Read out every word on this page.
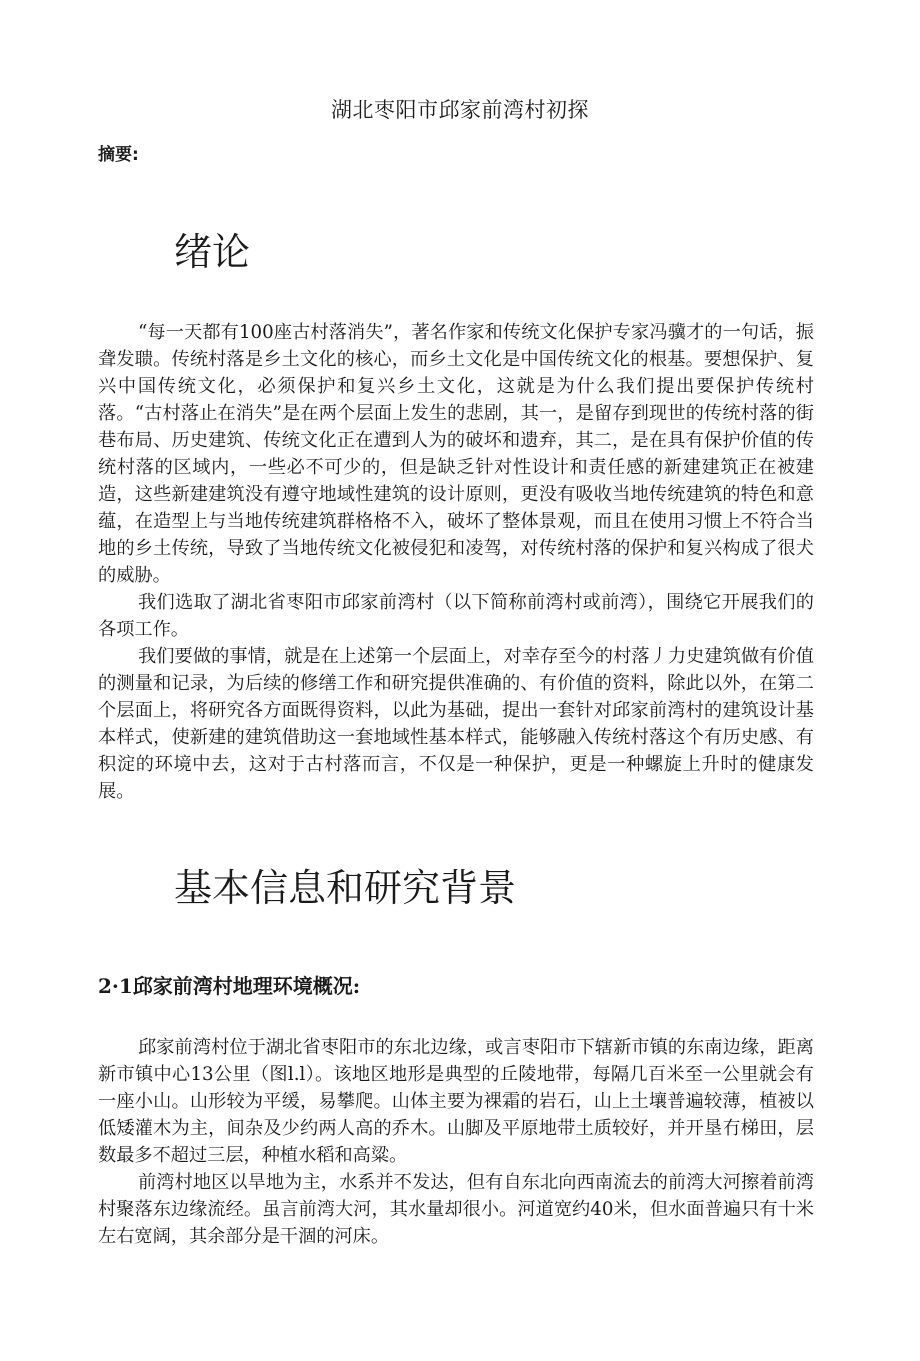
湖北枣阳市邱家前湾村初探
摘要:
绪论

“每一天都有100座古村落消失”，著名作家和传统文化保护专家冯骥才的一句话，振聋发聩。传统村落是乡土文化的核心，而乡土文化是中国传统文化的根基。要想保护、复兴中国传统文化，必须保护和复兴乡土文化，这就是为什么我们提出要保护传统村落。“古村落止在消失”是在两个层面上发生的悲剧，其一，是留存到现世的传统村落的街巷布局、历史建筑、传统文化正在遭到人为的破坏和遗弃，其二，是在具有保护价值的传统村落的区域内，一些必不可少的，但是缺乏针对性设计和责任感的新建建筑正在被建造，这些新建建筑没有遵守地域性建筑的设计原则，更没有吸收当地传统建筑的特色和意蕴，在造型上与当地传统建筑群格格不入，破坏了整体景观，而且在使用习惯上不符合当地的乡土传统，导致了当地传统文化被侵犯和凌驾，对传统村落的保护和复兴构成了很犬的威胁。

我们选取了湖北省枣阳市邱家前湾村（以下简称前湾村或前湾），围绕它开展我们的各项工作。

我们要做的事情，就是在上述第一个层面上，对幸存至今的村落丿力史建筑做有价值的测量和记录，为后续的修缮工作和研究提供准确的、有价值的资料，除此以外，在第二个层面上，将研究各方面既得资料，以此为基础，提出一套针对邱家前湾村的建筑设计基本样式，使新建的建筑借助这一套地域性基本样式，能够融入传统村落这个有历史感、有积淀的环境中去，这对于古村落而言，不仅是一种保护，更是一种螺旋上升时的健康发展。

基本信息和研究背景
2·1邱家前湾村地理环境概况:

邱家前湾村位于湖北省枣阳市的东北边缘，或言枣阳市下辖新市镇的东南边缘，距离新市镇中心13公里（图l.l）。该地区地形是典型的丘陵地带，每隔几百米至一公里就会有一座小山。山形较为平缓，易攀爬。山体主要为裸霜的岩石，山上土壤普遍较薄，植被以低矮灌木为主，间杂及少约两人高的乔木。山脚及平原地带土质较好，并开垦冇梯田，层数最多不超过三层，种植水稻和高粱。

前湾村地区以旱地为主，水系并不发达，但有自东北向西南流去的前湾大河擦着前湾村聚落东边缘流经。虽言前湾大河，其水量却很小。河道宽约40米，但水面普遍只有十米左右宽阔，其余部分是干涸的河床。
